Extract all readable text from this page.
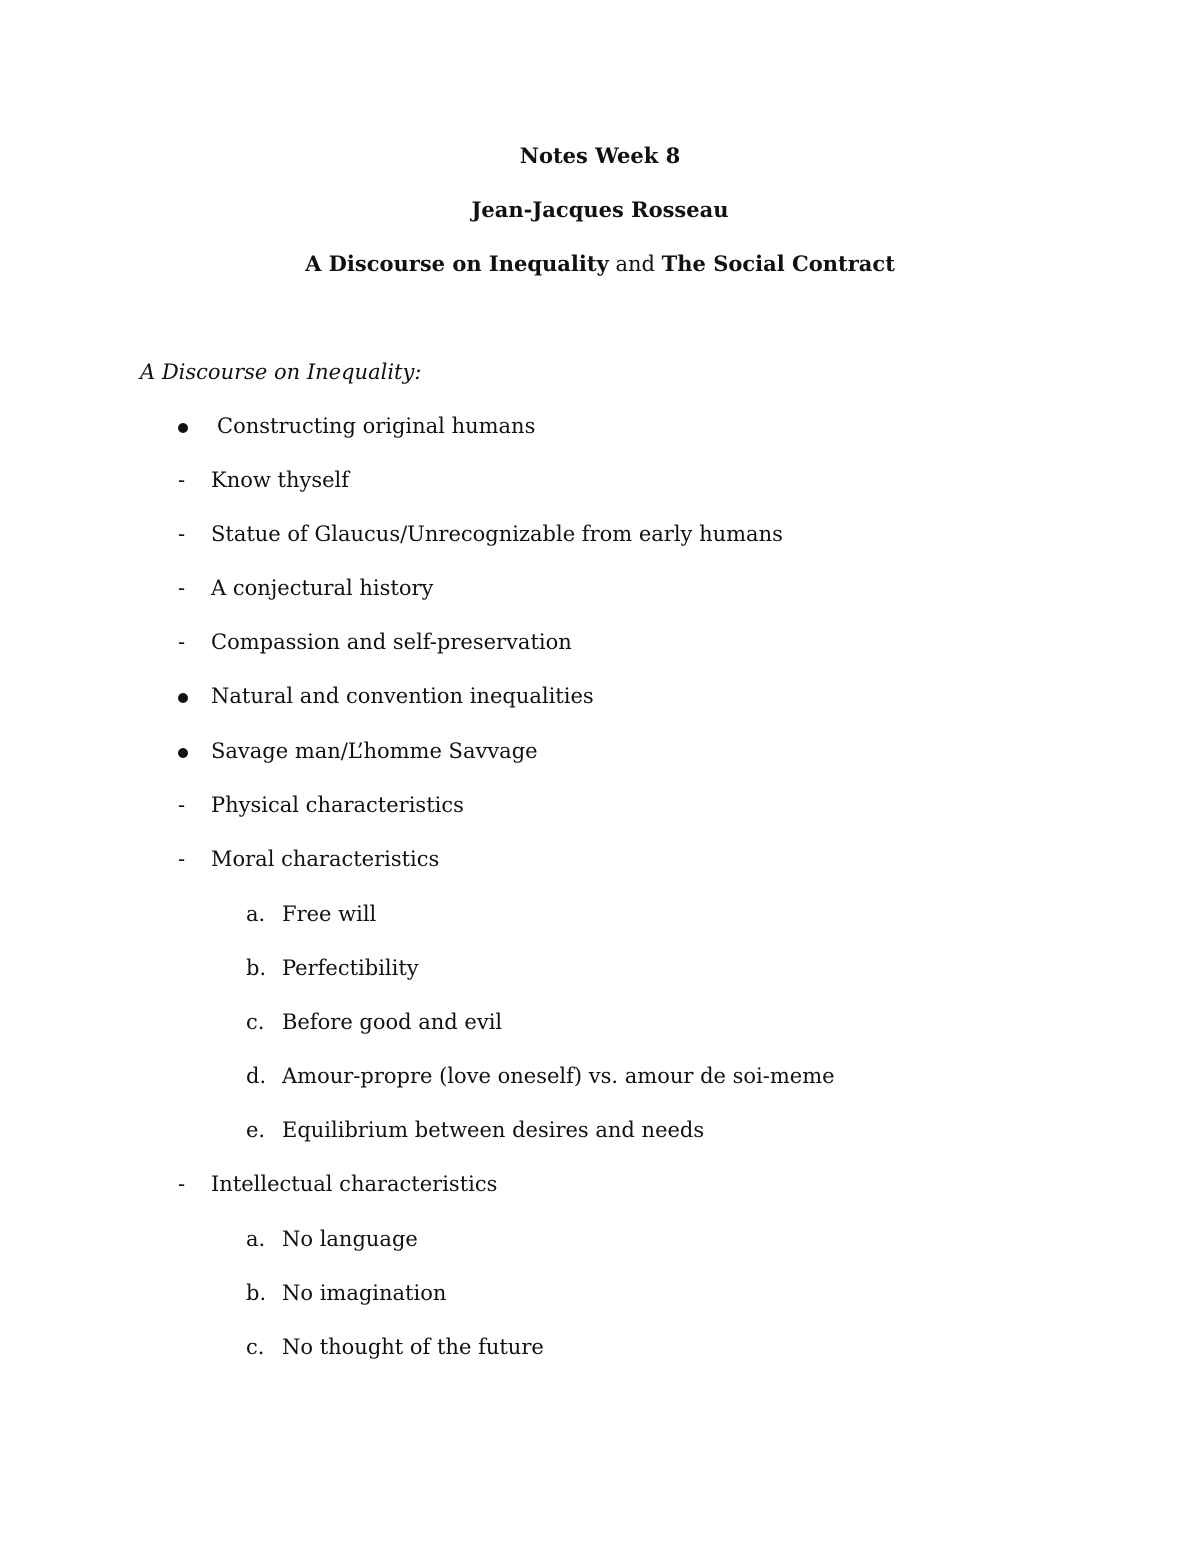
Notes Week 8
Jean-Jacques Rosseau
A Discourse on Inequality and The Social Contract
A Discourse on Inequality:
Constructing original humans
- Know thyself
- Statue of Glaucus/Unrecognizable from early humans
- A conjectural history
- Compassion and self-preservation
Natural and convention inequalities
Savage man/L’homme Savvage
- Physical characteristics
- Moral characteristics
a. Free will
b. Perfectibility
c. Before good and evil
d. Amour-propre (love oneself) vs. amour de soi-meme
e. Equilibrium between desires and needs
- Intellectual characteristics
a. No language
b. No imagination
c. No thought of the future
